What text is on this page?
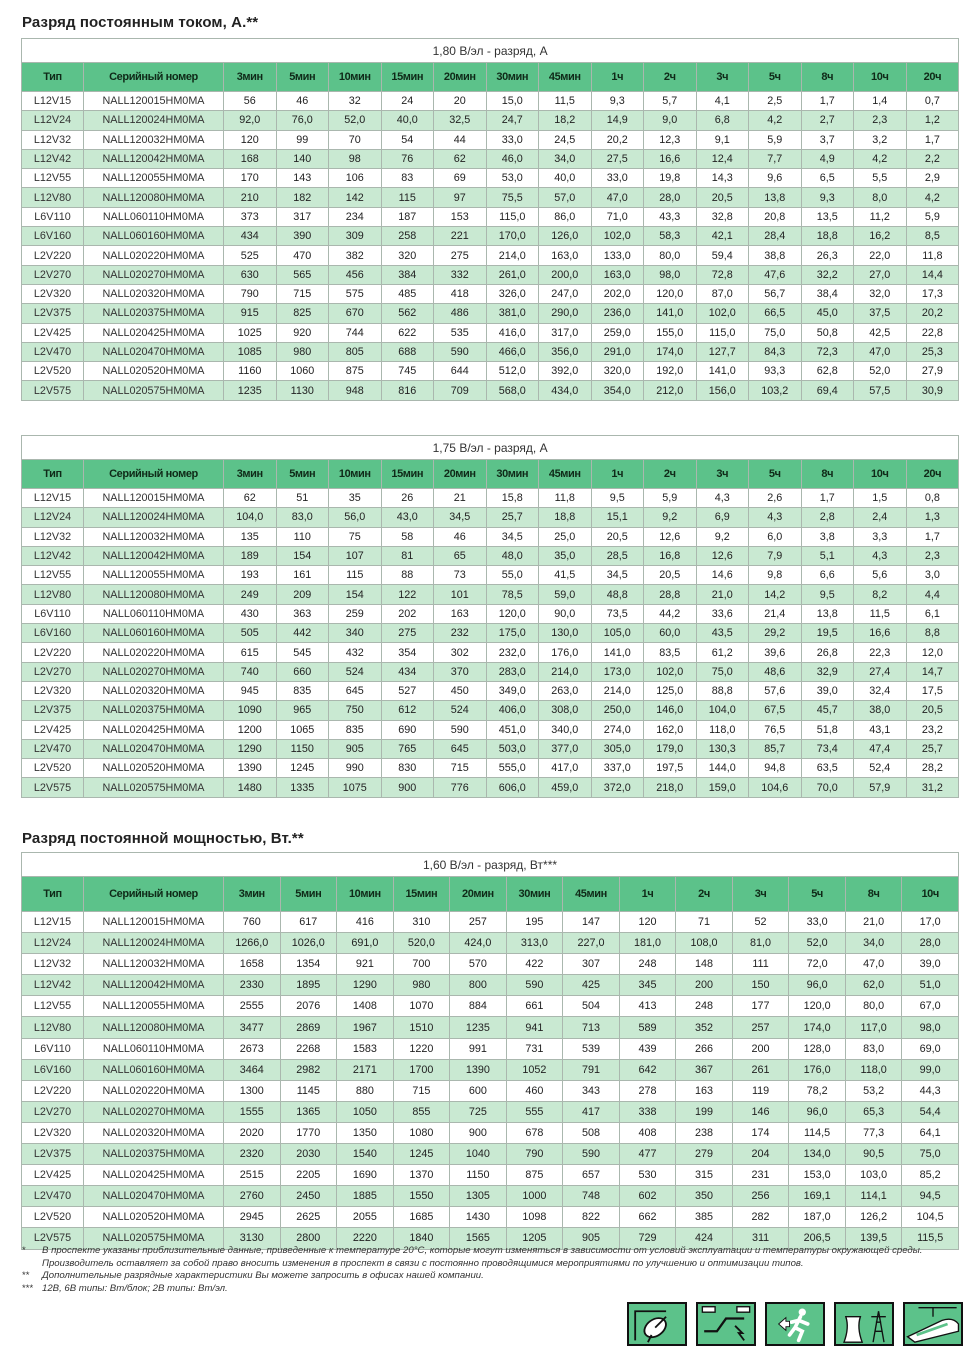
Разряд постоянным током, А.**
1,80 В/эл - разряд, А															
Тип	Серийный номер	3мин	5мин	10мин	15мин	20мин	30мин	45мин	1ч	2ч	3ч	5ч	8ч	10ч	20ч
L12V15	NALL120015HM0MA	56	46	32	24	20	15,0	11,5	9,3	5,7	4,1	2,5	1,7	1,4	0,7
L12V24	NALL120024HM0MA	92,0	76,0	52,0	40,0	32,5	24,7	18,2	14,9	9,0	6,8	4,2	2,7	2,3	1,2
L12V32	NALL120032HM0MA	120	99	70	54	44	33,0	24,5	20,2	12,3	9,1	5,9	3,7	3,2	1,7
L12V42	NALL120042HM0MA	168	140	98	76	62	46,0	34,0	27,5	16,6	12,4	7,7	4,9	4,2	2,2
L12V55	NALL120055HM0MA	170	143	106	83	69	53,0	40,0	33,0	19,8	14,3	9,6	6,5	5,5	2,9
L12V80	NALL120080HM0MA	210	182	142	115	97	75,5	57,0	47,0	28,0	20,5	13,8	9,3	8,0	4,2
L6V110	NALL060110HM0MA	373	317	234	187	153	115,0	86,0	71,0	43,3	32,8	20,8	13,5	11,2	5,9
L6V160	NALL060160HM0MA	434	390	309	258	221	170,0	126,0	102,0	58,3	42,1	28,4	18,8	16,2	8,5
L2V220	NALL020220HM0MA	525	470	382	320	275	214,0	163,0	133,0	80,0	59,4	38,8	26,3	22,0	11,8
L2V270	NALL020270HM0MA	630	565	456	384	332	261,0	200,0	163,0	98,0	72,8	47,6	32,2	27,0	14,4
L2V320	NALL020320HM0MA	790	715	575	485	418	326,0	247,0	202,0	120,0	87,0	56,7	38,4	32,0	17,3
L2V375	NALL020375HM0MA	915	825	670	562	486	381,0	290,0	236,0	141,0	102,0	66,5	45,0	37,5	20,2
L2V425	NALL020425HM0MA	1025	920	744	622	535	416,0	317,0	259,0	155,0	115,0	75,0	50,8	42,5	22,8
L2V470	NALL020470HM0MA	1085	980	805	688	590	466,0	356,0	291,0	174,0	127,7	84,3	72,3	47,0	25,3
L2V520	NALL020520HM0MA	1160	1060	875	745	644	512,0	392,0	320,0	192,0	141,0	93,3	62,8	52,0	27,9
L2V575	NALL020575HM0MA	1235	1130	948	816	709	568,0	434,0	354,0	212,0	156,0	103,2	69,4	57,5	30,9
1,75 В/эл - разряд, А															
Тип	Серийный номер	3мин	5мин	10мин	15мин	20мин	30мин	45мин	1ч	2ч	3ч	5ч	8ч	10ч	20ч
L12V15	NALL120015HM0MA	62	51	35	26	21	15,8	11,8	9,5	5,9	4,3	2,6	1,7	1,5	0,8
L12V24	NALL120024HM0MA	104,0	83,0	56,0	43,0	34,5	25,7	18,8	15,1	9,2	6,9	4,3	2,8	2,4	1,3
L12V32	NALL120032HM0MA	135	110	75	58	46	34,5	25,0	20,5	12,6	9,2	6,0	3,8	3,3	1,7
L12V42	NALL120042HM0MA	189	154	107	81	65	48,0	35,0	28,5	16,8	12,6	7,9	5,1	4,3	2,3
L12V55	NALL120055HM0MA	193	161	115	88	73	55,0	41,5	34,5	20,5	14,6	9,8	6,6	5,6	3,0
L12V80	NALL120080HM0MA	249	209	154	122	101	78,5	59,0	48,8	28,8	21,0	14,2	9,5	8,2	4,4
L6V110	NALL060110HM0MA	430	363	259	202	163	120,0	90,0	73,5	44,2	33,6	21,4	13,8	11,5	6,1
L6V160	NALL060160HM0MA	505	442	340	275	232	175,0	130,0	105,0	60,0	43,5	29,2	19,5	16,6	8,8
L2V220	NALL020220HM0MA	615	545	432	354	302	232,0	176,0	141,0	83,5	61,2	39,6	26,8	22,3	12,0
L2V270	NALL020270HM0MA	740	660	524	434	370	283,0	214,0	173,0	102,0	75,0	48,6	32,9	27,4	14,7
L2V320	NALL020320HM0MA	945	835	645	527	450	349,0	263,0	214,0	125,0	88,8	57,6	39,0	32,4	17,5
L2V375	NALL020375HM0MA	1090	965	750	612	524	406,0	308,0	250,0	146,0	104,0	67,5	45,7	38,0	20,5
L2V425	NALL020425HM0MA	1200	1065	835	690	590	451,0	340,0	274,0	162,0	118,0	76,5	51,8	43,1	23,2
L2V470	NALL020470HM0MA	1290	1150	905	765	645	503,0	377,0	305,0	179,0	130,3	85,7	73,4	47,4	25,7
L2V520	NALL020520HM0MA	1390	1245	990	830	715	555,0	417,0	337,0	197,5	144,0	94,8	63,5	52,4	28,2
L2V575	NALL020575HM0MA	1480	1335	1075	900	776	606,0	459,0	372,0	218,0	159,0	104,6	70,0	57,9	31,2
Разряд постоянной мощностью, Вт.**
1,60 В/эл - разряд, Вт***														
Тип	Серийный номер	3мин	5мин	10мин	15мин	20мин	30мин	45мин	1ч	2ч	3ч	5ч	8ч	10ч
L12V15	NALL120015HM0MA	760	617	416	310	257	195	147	120	71	52	33,0	21,0	17,0
L12V24	NALL120024HM0MA	1266,0	1026,0	691,0	520,0	424,0	313,0	227,0	181,0	108,0	81,0	52,0	34,0	28,0
L12V32	NALL120032HM0MA	1658	1354	921	700	570	422	307	248	148	111	72,0	47,0	39,0
L12V42	NALL120042HM0MA	2330	1895	1290	980	800	590	425	345	200	150	96,0	62,0	51,0
L12V55	NALL120055HM0MA	2555	2076	1408	1070	884	661	504	413	248	177	120,0	80,0	67,0
L12V80	NALL120080HM0MA	3477	2869	1967	1510	1235	941	713	589	352	257	174,0	117,0	98,0
L6V110	NALL060110HM0MA	2673	2268	1583	1220	991	731	539	439	266	200	128,0	83,0	69,0
L6V160	NALL060160HM0MA	3464	2982	2171	1700	1390	1052	791	642	367	261	176,0	118,0	99,0
L2V220	NALL020220HM0MA	1300	1145	880	715	600	460	343	278	163	119	78,2	53,2	44,3
L2V270	NALL020270HM0MA	1555	1365	1050	855	725	555	417	338	199	146	96,0	65,3	54,4
L2V320	NALL020320HM0MA	2020	1770	1350	1080	900	678	508	408	238	174	114,5	77,3	64,1
L2V375	NALL020375HM0MA	2320	2030	1540	1245	1040	790	590	477	279	204	134,0	90,5	75,0
L2V425	NALL020425HM0MA	2515	2205	1690	1370	1150	875	657	530	315	231	153,0	103,0	85,2
L2V470	NALL020470HM0MA	2760	2450	1885	1550	1305	1000	748	602	350	256	169,1	114,1	94,5
L2V520	NALL020520HM0MA	2945	2625	2055	1685	1430	1098	822	662	385	282	187,0	126,2	104,5
L2V575	NALL020575HM0MA	3130	2800	2220	1840	1565	1205	905	729	424	311	206,5	139,5	115,5
*	В проспекте указаны приблизительные данные, приведенные к температуре 20°С, которые могут изменяться в зависимости от условий эксплуатации и температуры окружающей среды. Производитель оставляет за собой право вносить изменения в проспект в связи с постоянно проводящимися мероприятиями по улучшению и оптимизации типов.
**	Дополнительные разрядные характеристики Вы можете запросить в офисах нашей компании.
*** 12В, 6В типы: Вт/блок; 2В типы: Вт/эл.
